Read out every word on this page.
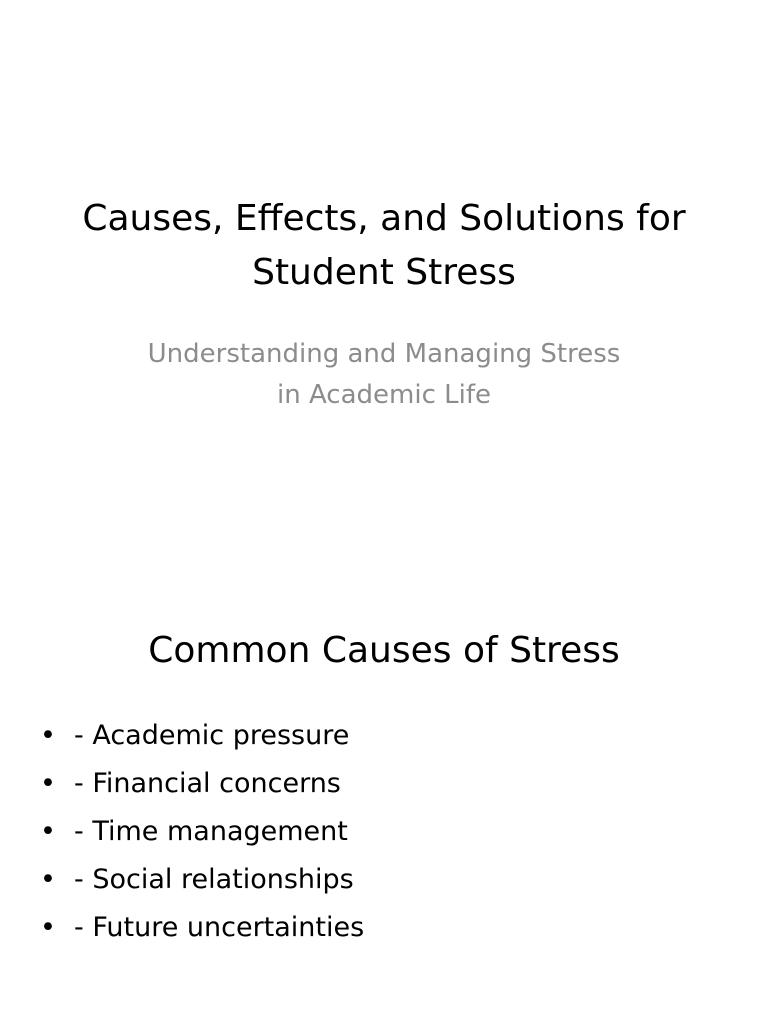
Causes, Effects, and Solutions for Student Stress
Understanding and Managing Stress
in Academic Life
Common Causes of Stress
• - Academic pressure
• - Financial concerns
• - Time management
• - Social relationships
• - Future uncertainties
